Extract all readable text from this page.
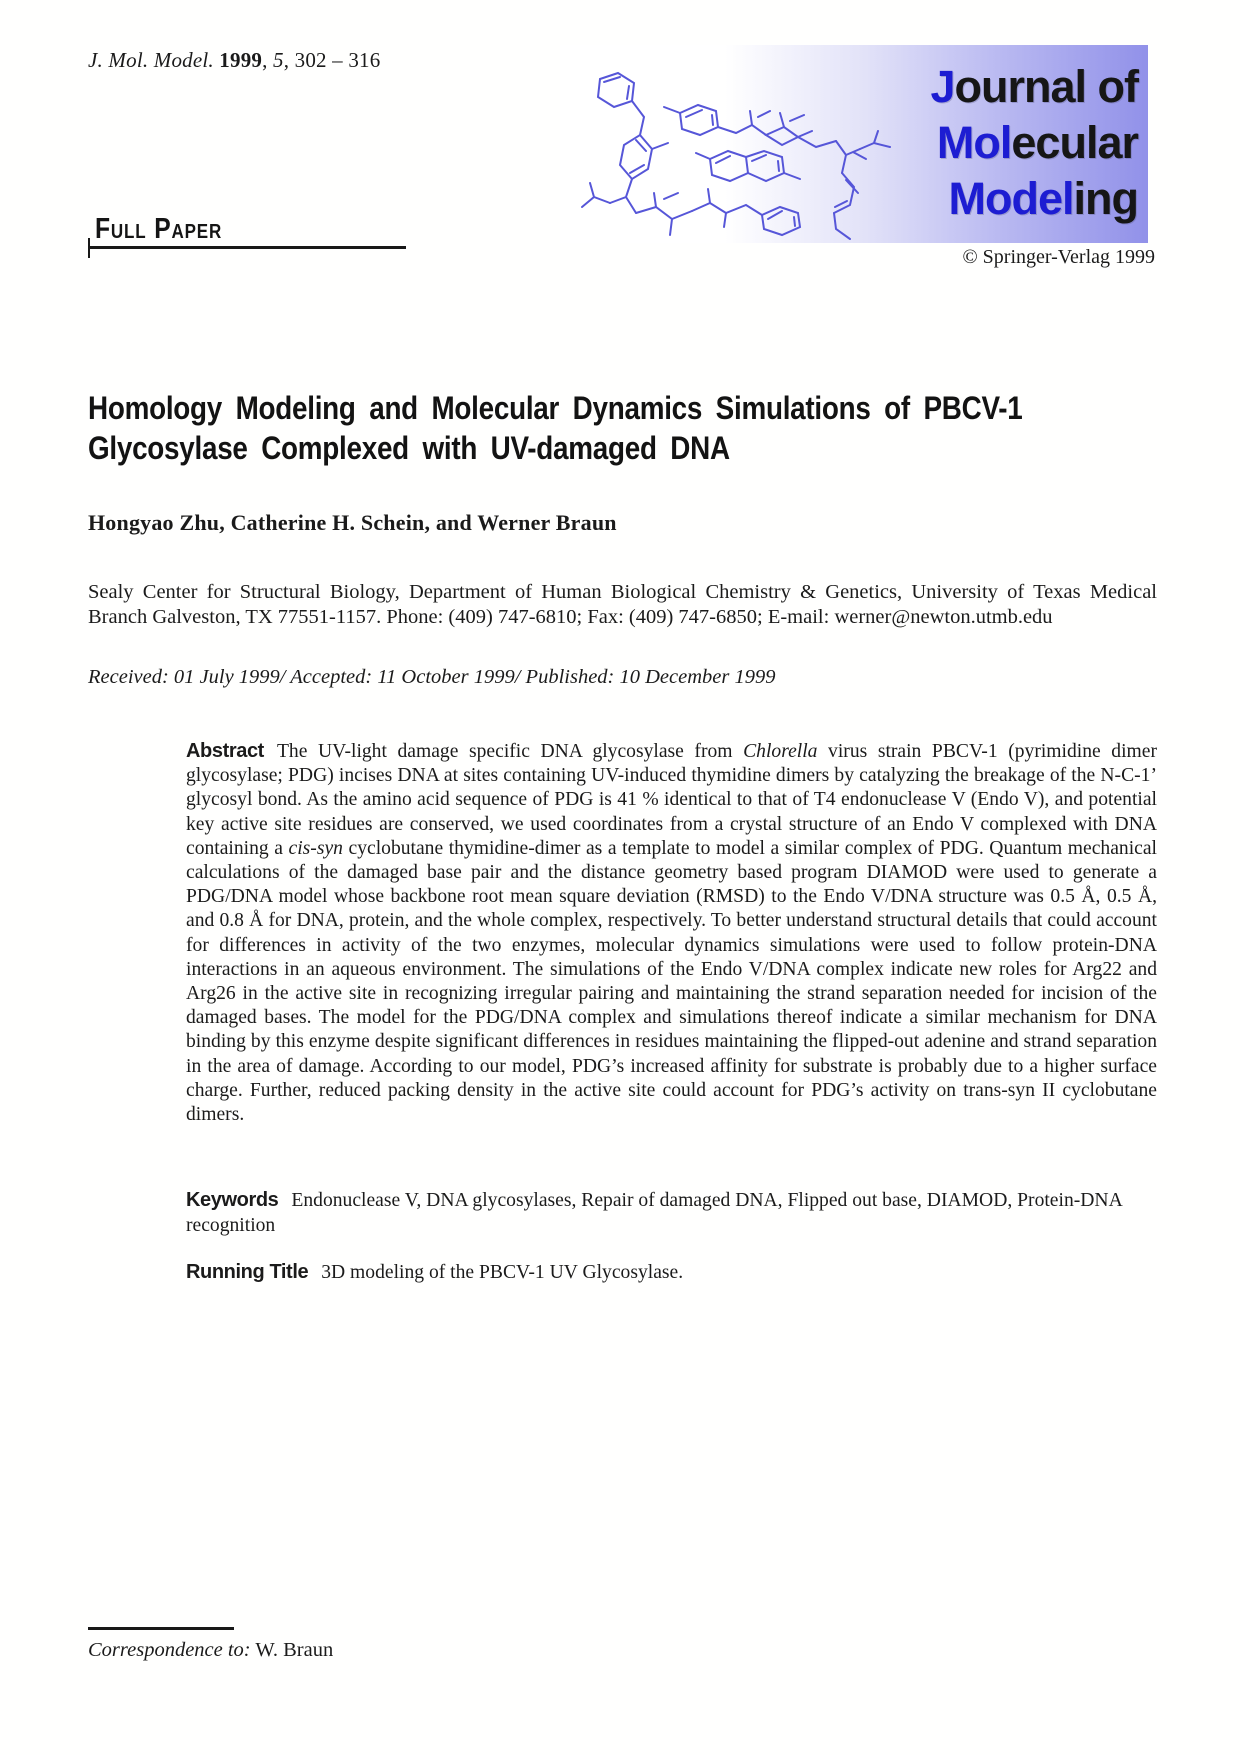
J. Mol. Model. 1999, 5, 302 – 316
Journal of
Molecular
Modeling
© Springer-Verlag 1999
Full Paper
Homology Modeling and Molecular Dynamics Simulations of PBCV-1
Glycosylase Complexed with UV-damaged DNA
Hongyao Zhu, Catherine H. Schein, and Werner Braun
Sealy Center for Structural Biology, Department of Human Biological Chemistry & Genetics, University of Texas Medical Branch Galveston, TX 77551-1157. Phone: (409) 747-6810; Fax: (409) 747-6850; E-mail: werner@newton.utmb.edu
Received: 01 July 1999/ Accepted: 11 October 1999/ Published: 10 December 1999
Abstract The UV-light damage specific DNA glycosylase from Chlorella virus strain PBCV-1 (pyrimidine dimer glycosylase; PDG) incises DNA at sites containing UV-induced thymidine dimers by catalyzing the breakage of the N-C-1’ glycosyl bond. As the amino acid sequence of PDG is 41 % identical to that of T4 endonuclease V (Endo V), and potential key active site residues are conserved, we used coordinates from a crystal structure of an Endo V complexed with DNA containing a cis-syn cyclobutane thymidine-dimer as a template to model a similar complex of PDG. Quantum mechanical calculations of the damaged base pair and the distance geometry based program DIAMOD were used to generate a PDG/DNA model whose backbone root mean square deviation (RMSD) to the Endo V/DNA structure was 0.5 Å, 0.5 Å, and 0.8 Å for DNA, protein, and the whole complex, respectively. To better understand structural details that could account for differences in activity of the two enzymes, molecular dynamics simulations were used to follow protein-DNA interactions in an aqueous environment. The simulations of the Endo V/DNA complex indicate new roles for Arg22 and Arg26 in the active site in recognizing irregular pairing and maintaining the strand separation needed for incision of the damaged bases. The model for the PDG/DNA complex and simulations thereof indicate a similar mechanism for DNA binding by this enzyme despite significant differences in residues maintaining the flipped-out adenine and strand separation in the area of damage. According to our model, PDG’s increased affinity for substrate is probably due to a higher surface charge. Further, reduced packing density in the active site could account for PDG’s activity on trans-syn II cyclobutane dimers.
Keywords Endonuclease V, DNA glycosylases, Repair of damaged DNA, Flipped out base, DIAMOD, Protein-DNA recognition
Running Title 3D modeling of the PBCV-1 UV Glycosylase.
Correspondence to: W. Braun
